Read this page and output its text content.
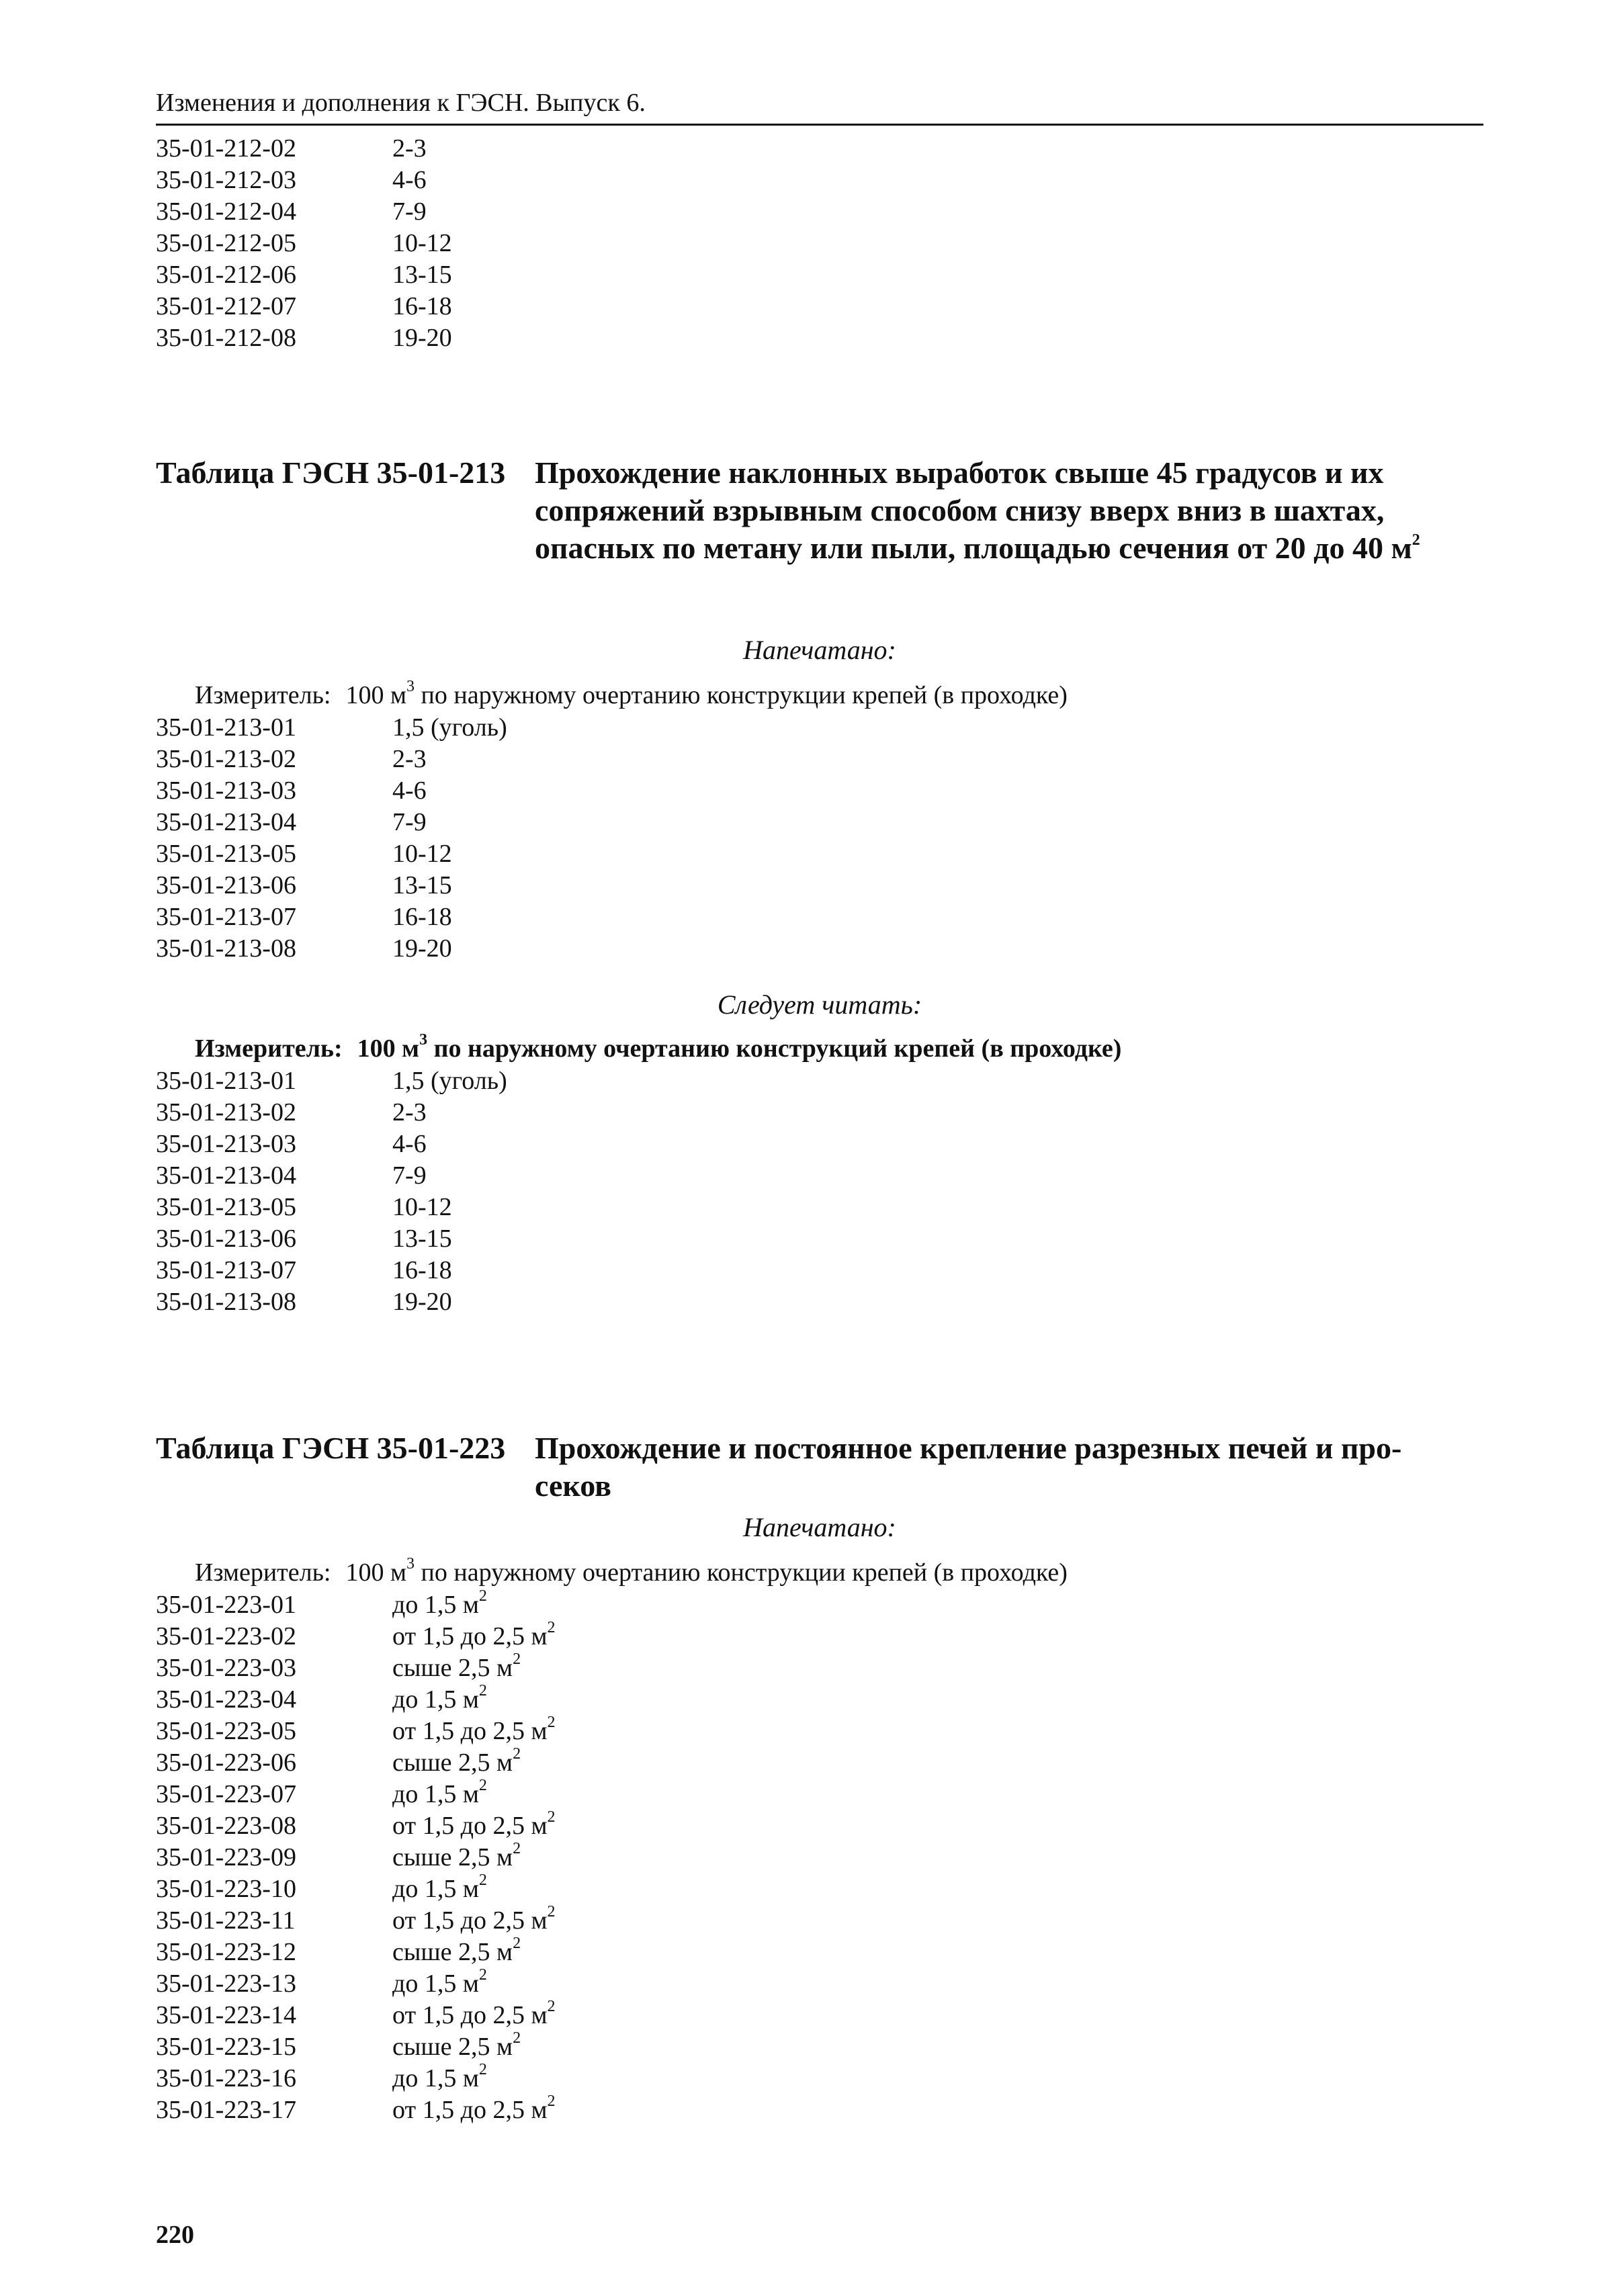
Изменения и дополнения к ГЭСН. Выпуск 6.
35-01-212-02	2-3
35-01-212-03	4-6
35-01-212-04	7-9
35-01-212-05	10-12
35-01-212-06	13-15
35-01-212-07	16-18
35-01-212-08	19-20
Таблица ГЭСН 35-01-213 Прохождение наклонных выработок свыше 45 градусов и их сопряжений взрывным способом снизу вверх вниз в шахтах, опасных по метану или пыли, площадью сечения от 20 до 40 $м^2$
Напечатано:
Измеритель: 100 $м^3$ по наружному очертанию конструкции крепей (в проходке)
35-01-213-01	1,5 (уголь)
35-01-213-02	2-3
35-01-213-03	4-6
35-01-213-04	7-9
35-01-213-05	10-12
35-01-213-06	13-15
35-01-213-07	16-18
35-01-213-08	19-20
Следует читать:
Измеритель: 100 $м^3$ по наружному очертанию конструкций крепей (в проходке)
35-01-213-01	1,5 (уголь)
35-01-213-02	2-3
35-01-213-03	4-6
35-01-213-04	7-9
35-01-213-05	10-12
35-01-213-06	13-15
35-01-213-07	16-18
35-01-213-08	19-20
Таблица ГЭСН 35-01-223 Прохождение и постоянное крепление разрезных печей и про-секов
Напечатано:
Измеритель: 100 $м^3$ по наружному очертанию конструкции крепей (в проходке)
35-01-223-01	до 1,5 $м^2$
35-01-223-02	от 1,5 до 2,5 $м^2$
35-01-223-03	сыше 2,5 $м^2$
35-01-223-04	до 1,5 $м^2$
35-01-223-05	от 1,5 до 2,5 $м^2$
35-01-223-06	сыше 2,5 $м^2$
35-01-223-07	до 1,5 $м^2$
35-01-223-08	от 1,5 до 2,5 $м^2$
35-01-223-09	сыше 2,5 $м^2$
35-01-223-10	до 1,5 $м^2$
35-01-223-11	от 1,5 до 2,5 $м^2$
35-01-223-12	сыше 2,5 $м^2$
35-01-223-13	до 1,5 $м^2$
35-01-223-14	от 1,5 до 2,5 $м^2$
35-01-223-15	сыше 2,5 $м^2$
35-01-223-16	до 1,5 $м^2$
35-01-223-17	от 1,5 до 2,5 $м^2$
220
